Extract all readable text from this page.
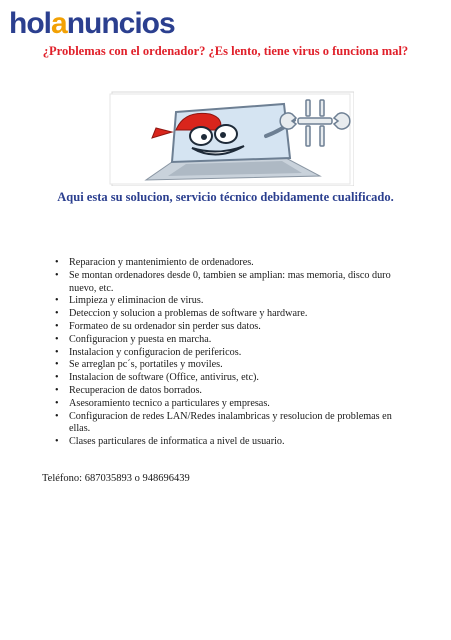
holanuncios
¿Problemas con el ordenador? ¿Es lento, tiene virus o funciona mal?
Aqui esta su solucion, servicio técnico debidamente cualificado.
• Reparacion y mantenimiento de ordenadores.
• Se montan ordenadores desde 0, tambien se amplian: mas memoria, disco duro nuevo, etc.
• Limpieza y eliminacion de virus.
• Deteccion y solucion a problemas de software y hardware.
• Formateo de su ordenador sin perder sus datos.
• Configuracion y puesta en marcha.
• Instalacion y configuracion de perifericos.
• Se arreglan pc´s, portatiles y moviles.
• Instalacion de software (Office, antivirus, etc).
• Recuperacion de datos borrados.
• Asesoramiento tecnico a particulares y empresas.
• Configuracion de redes LAN/Redes inalambricas y resolucion de problemas en ellas.
• Clases particulares de informatica a nivel de usuario.
Teléfono: 687035893 o 948696439
